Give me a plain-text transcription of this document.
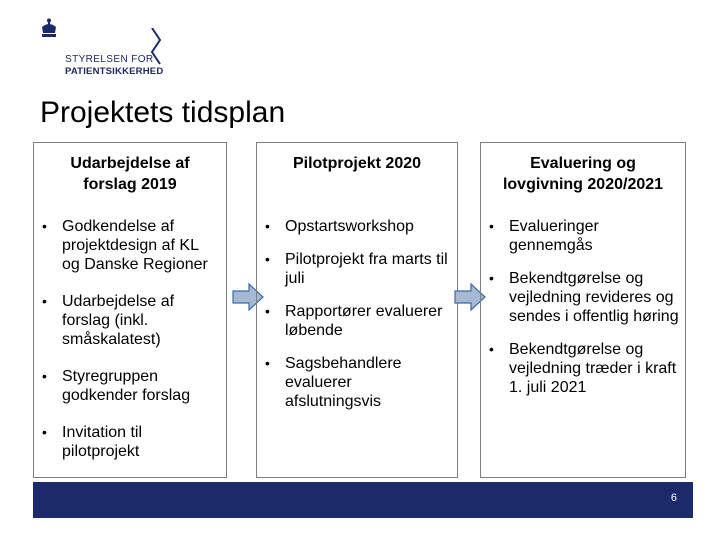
STYRELSEN FOR
PATIENTSIKKERHED
Projektets tidsplan
Udarbejdelse af forslag 2019
• Godkendelse af projektdesign af KL og Danske Regioner
• Udarbejdelse af forslag (inkl. småskalatest)
• Styregruppen godkender forslag
• Invitation til pilotprojekt
Pilotprojekt 2020
• Opstartsworkshop
• Pilotprojekt fra marts til juli
• Rapportører evaluerer løbende
• Sagsbehandlere evaluerer afslutningsvis
Evaluering og lovgivning 2020/2021
• Evalueringer gennemgås
• Bekendtgørelse og vejledning revideres og sendes i offentlig høring
• Bekendtgørelse og vejledning træder i kraft 1. juli 2021
6
